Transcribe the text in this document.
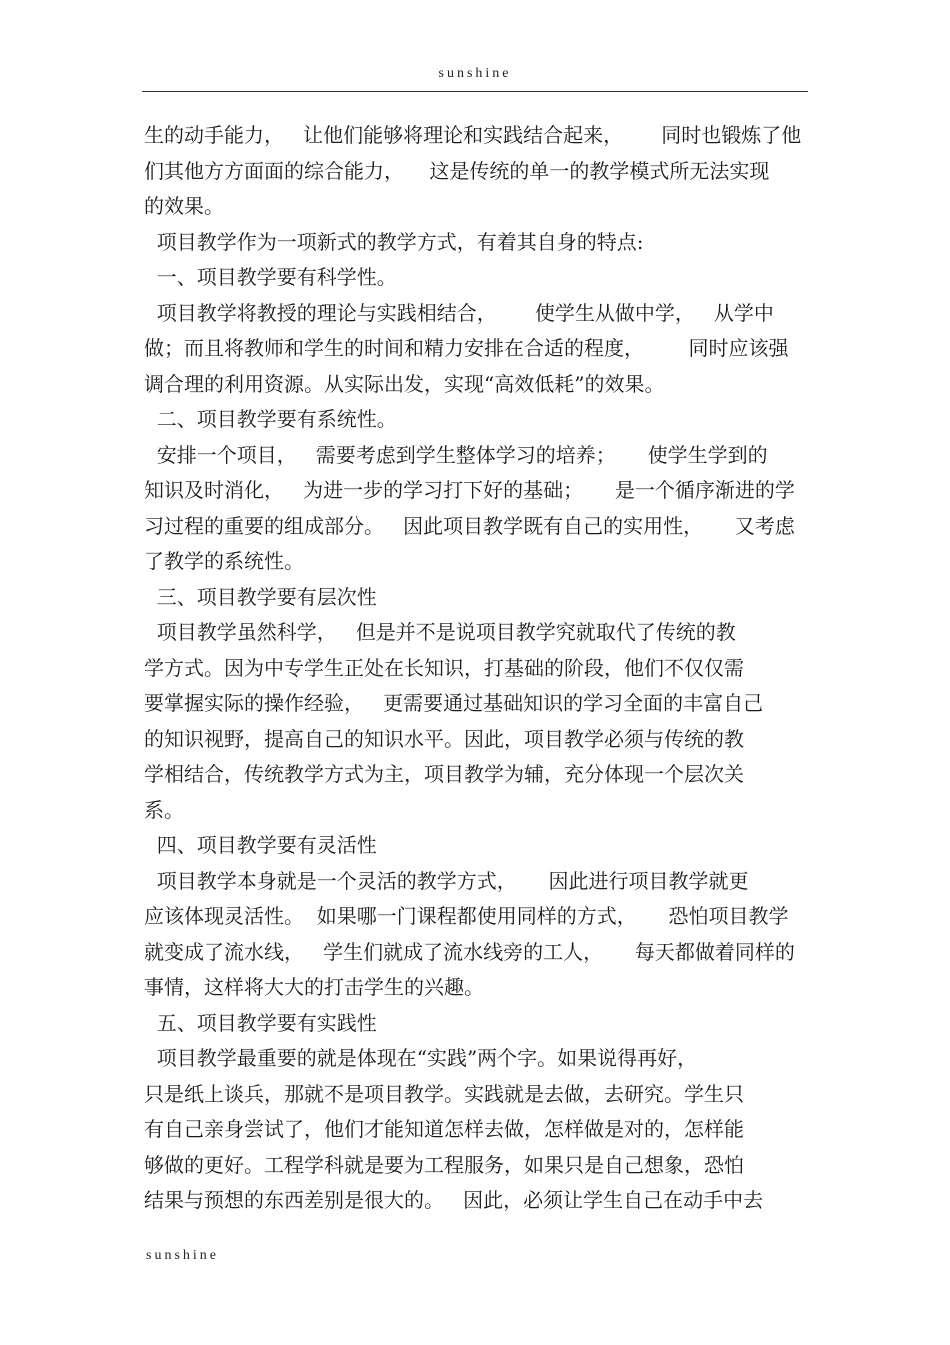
sunshine
生的动手能力，   让他们能够将理论和实践结合起来，      同时也锻炼了他
们其他方方面面的综合能力，    这是传统的单一的教学模式所无法实现
的效果。
项目教学作为一项新式的教学方式，有着其自身的特点:
一、项目教学要有科学性。
项目教学将教授的理论与实践相结合，      使学生从做中学，   从学中
做；而且将教师和学生的时间和精力安排在合适的程度，       同时应该强
调合理的利用资源。从实际出发，实现“高效低耗”的效果。
二、项目教学要有系统性。
安排一个项目，   需要考虑到学生整体学习的培养；     使学生学到的
知识及时消化，   为进一步的学习打下好的基础；     是一个循序渐进的学
习过程的重要的组成部分。   因此项目教学既有自己的实用性，     又考虑
了教学的系统性。
三、项目教学要有层次性
项目教学虽然科学，   但是并不是说项目教学究就取代了传统的教
学方式。因为中专学生正处在长知识，打基础的阶段，他们不仅仅需
要掌握实际的操作经验，   更需要通过基础知识的学习全面的丰富自己
的知识视野，提高自己的知识水平。因此，项目教学必须与传统的教
学相结合，传统教学方式为主，项目教学为辅，充分体现一个层次关
系。
四、项目教学要有灵活性
项目教学本身就是一个灵活的教学方式，     因此进行项目教学就更
应该体现灵活性。  如果哪一门课程都使用同样的方式，     恐怕项目教学
就变成了流水线，   学生们就成了流水线旁的工人，     每天都做着同样的
事情，这样将大大的打击学生的兴趣。
五、项目教学要有实践性
项目教学最重要的就是体现在“实践”两个字。如果说得再好，
只是纸上谈兵，那就不是项目教学。实践就是去做，去研究。学生只
有自己亲身尝试了，他们才能知道怎样去做，怎样做是对的，怎样能
够做的更好。工程学科就是要为工程服务，如果只是自己想象，恐怕
结果与预想的东西差别是很大的。   因此，必须让学生自己在动手中去
sunshine
